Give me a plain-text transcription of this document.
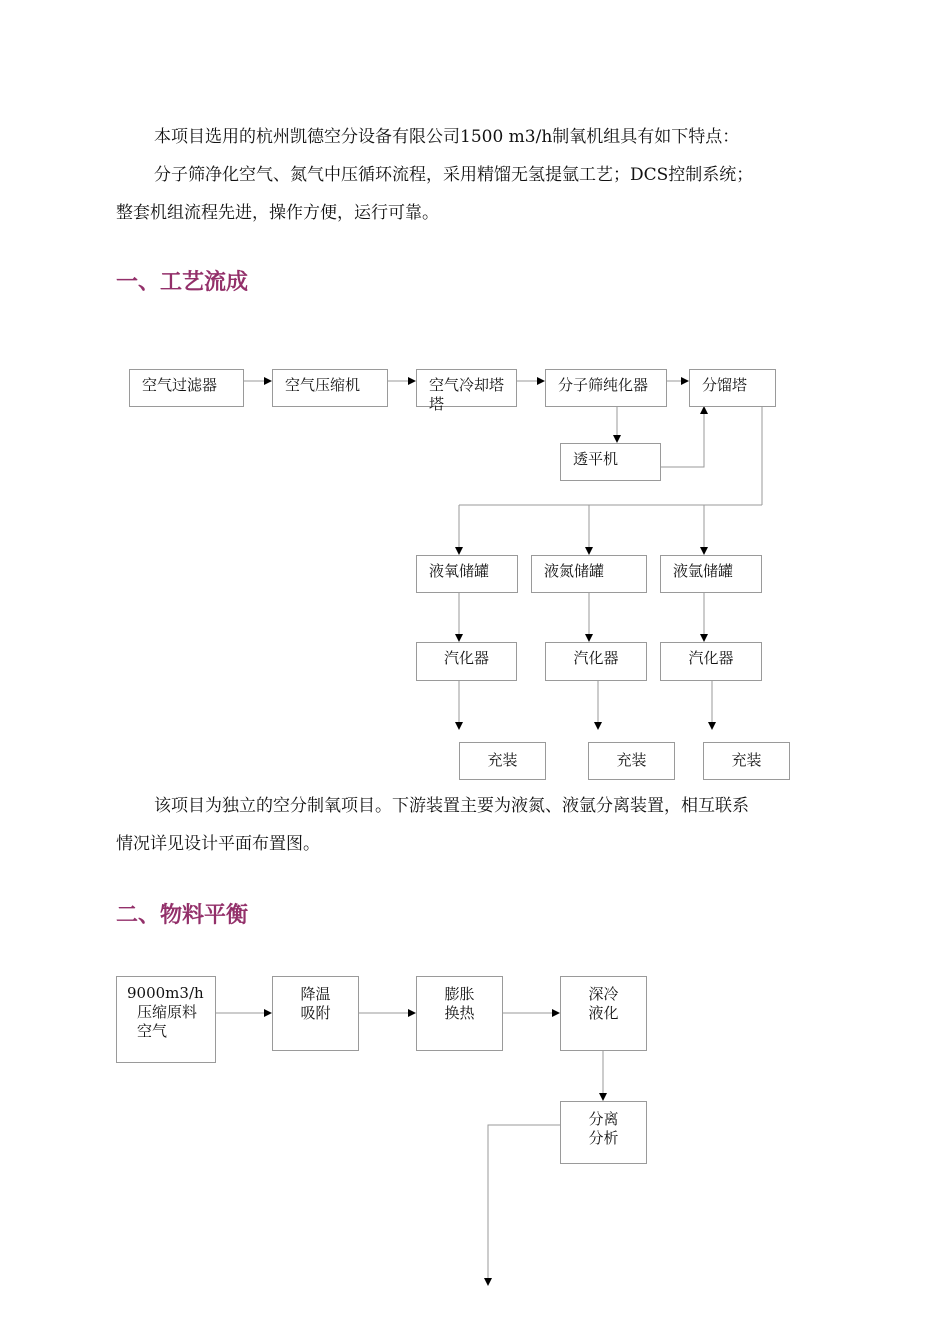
本项目选用的杭州凯德空分设备有限公司1500 m3/h制氧机组具有如下特点：
分子筛净化空气、氮气中压循环流程，采用精馏无氢提氩工艺；DCS控制系统；
整套机组流程先进，操作方便，运行可靠。

一、工艺流成
空气过滤器	空气压缩机	空气冷却塔塔
分子筛纯化器	分馏塔
透平机
液氧储罐	液氮储罐	液氩储罐
汽化器	汽化器	汽化器
充装	充装	充装

该项目为独立的空分制氧项目。下游装置主要为液氮、液氩分离装置，相互联系
情况详见设计平面布置图。

二、物料平衡
9000m3/h
压缩原料空气
降温吸附
膨胀换热
深冷液化
分离分析
